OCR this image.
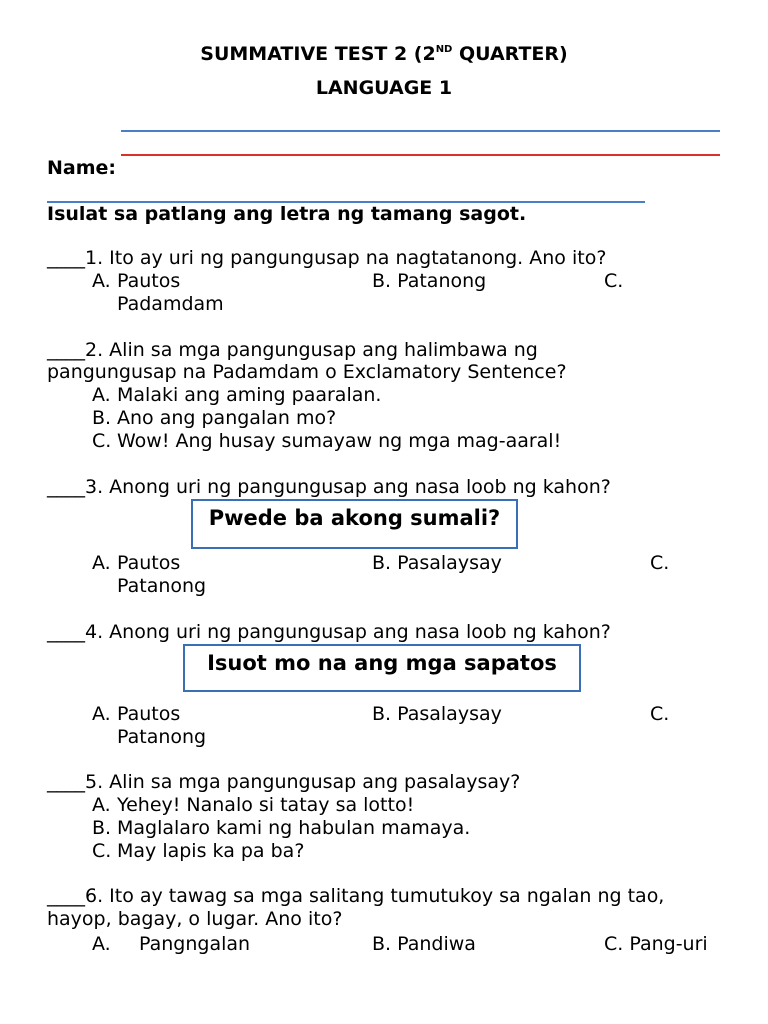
SUMMATIVE TEST 2 (2ND QUARTER)
LANGUAGE 1
Name:
Isulat sa patlang ang letra ng tamang sagot.
____1. Ito ay uri ng pangungusap na nagtatanong. Ano ito?
A. Pautos	B. Patanong	C.
Padamdam
____2. Alin sa mga pangungusap ang halimbawa ng
pangungusap na Padamdam o Exclamatory Sentence?
A. Malaki ang aming paaralan.
B. Ano ang pangalan mo?
C. Wow! Ang husay sumayaw ng mga mag-aaral!
____3. Anong uri ng pangungusap ang nasa loob ng kahon?
Pwede ba akong sumali?
A. Pautos	B. Pasalaysay	C.
Patanong
____4. Anong uri ng pangungusap ang nasa loob ng kahon?
Isuot mo na ang mga sapatos
A. Pautos	B. Pasalaysay	C.
Patanong
____5. Alin sa mga pangungusap ang pasalaysay?
A. Yehey! Nanalo si tatay sa lotto!
B. Maglalaro kami ng habulan mamaya.
C. May lapis ka pa ba?
____6. Ito ay tawag sa mga salitang tumutukoy sa ngalan ng tao,
hayop, bagay, o lugar. Ano ito?
A. Pangngalan	B. Pandiwa	C. Pang-uri
